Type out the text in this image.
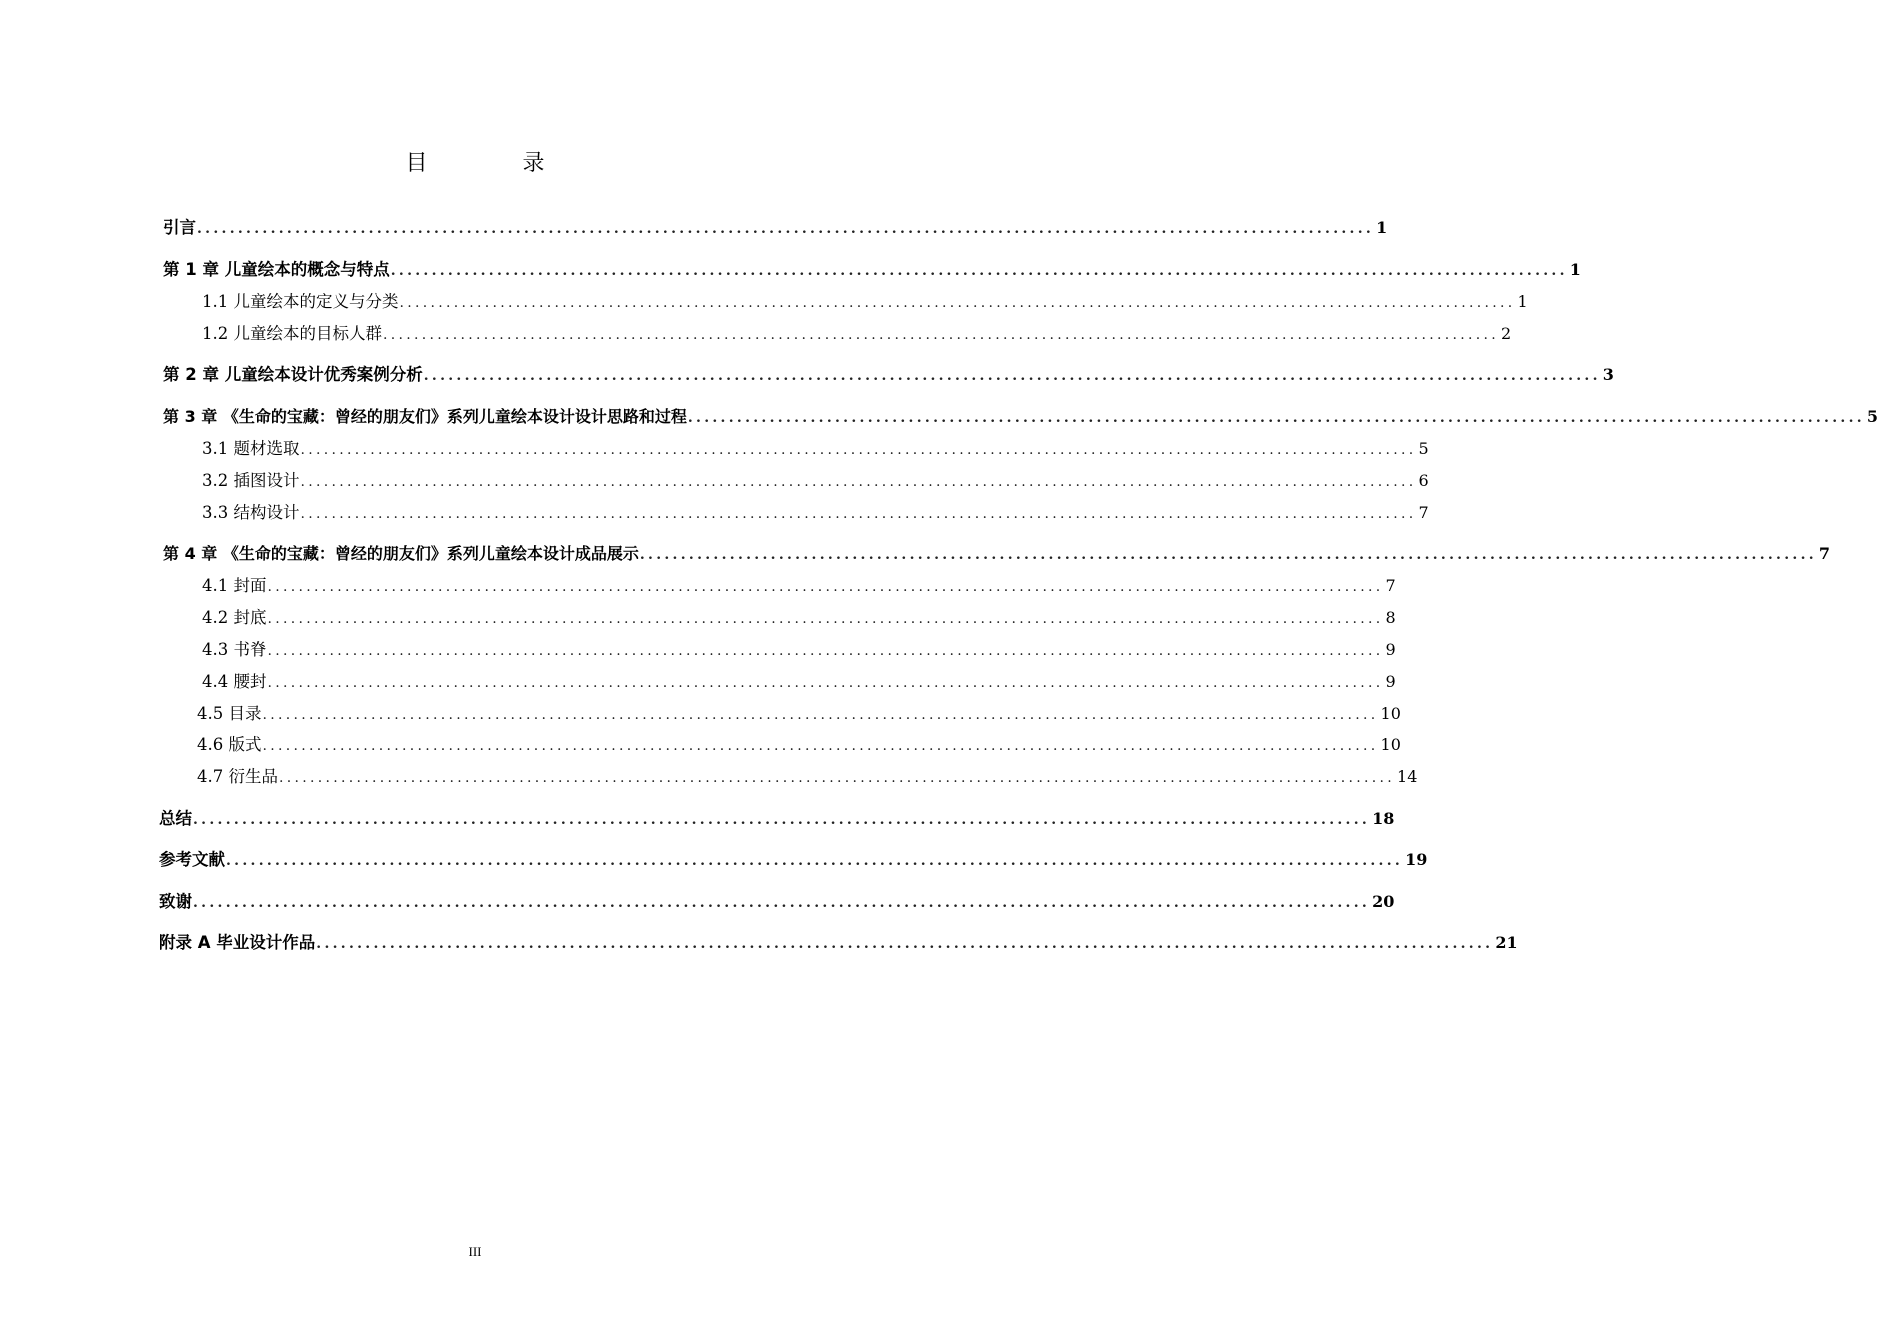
目 录
引言 ................................................................................................................................................ 1
第 1 章 儿童绘本的概念与特点 ................................................................................................................................................ 1
1.1 儿童绘本的定义与分类 ................................................................................................................................................ 1
1.2 儿童绘本的目标人群 ................................................................................................................................................ 2
第 2 章 儿童绘本设计优秀案例分析 ................................................................................................................................................ 3
第 3 章 《生命的宝藏：曾经的朋友们》系列儿童绘本设计设计思路和过程 ................................................................................................................................................ 5
3.1 题材选取 ................................................................................................................................................ 5
3.2 插图设计 ................................................................................................................................................ 6
3.3 结构设计 ................................................................................................................................................ 7
第 4 章 《生命的宝藏：曾经的朋友们》系列儿童绘本设计成品展示 ................................................................................................................................................ 7
4.1 封面 ................................................................................................................................................ 7
4.2 封底 ................................................................................................................................................ 8
4.3 书脊 ................................................................................................................................................ 9
4.4 腰封 ................................................................................................................................................ 9
4.5 目录 ................................................................................................................................................ 10
4.6 版式 ................................................................................................................................................ 10
4.7 衍生品 ................................................................................................................................................ 14
总结 ................................................................................................................................................ 18
参考文献 ................................................................................................................................................ 19
致谢 ................................................................................................................................................ 20
附录 A 毕业设计作品 ................................................................................................................................................ 21
III
